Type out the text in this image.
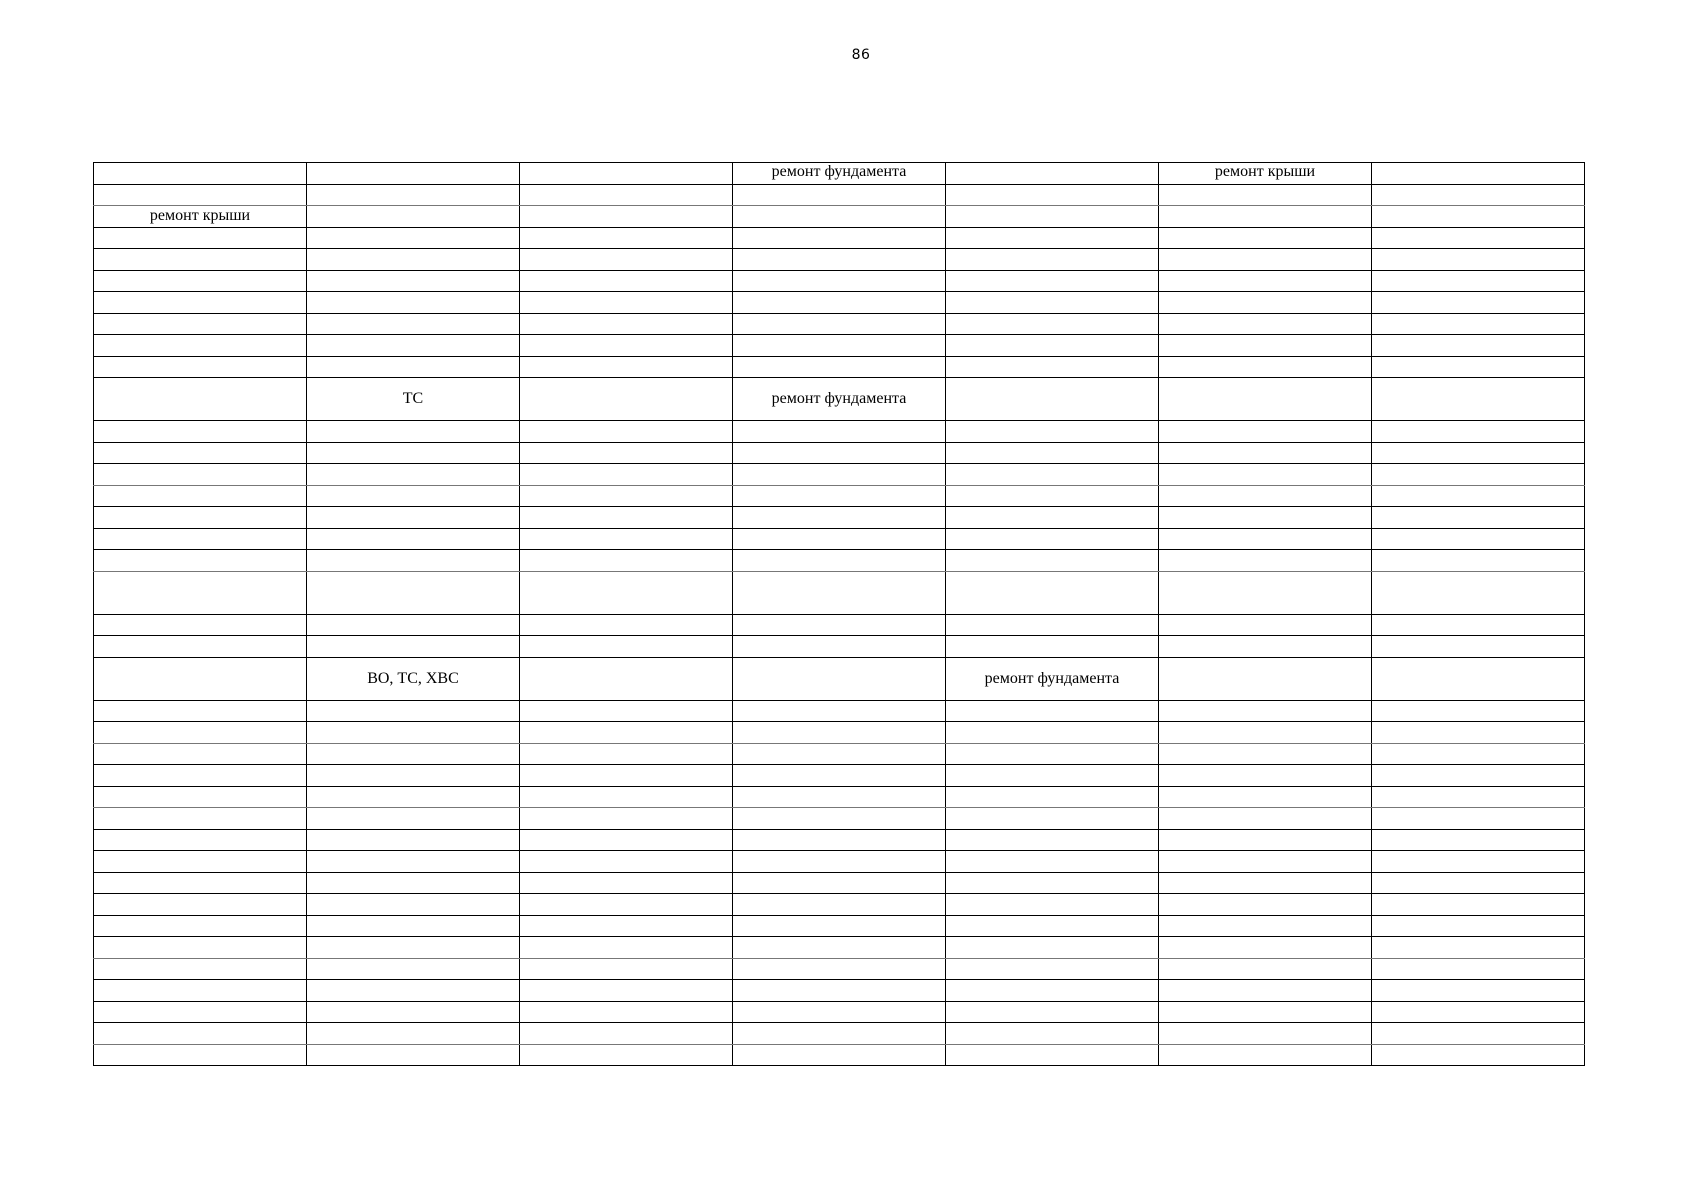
86
			ремонт фундамента		ремонт крыши	

ремонт крыши						

	ТС		ремонт фундамента			

	ВО, ТС, ХВС			ремонт фундамента		
